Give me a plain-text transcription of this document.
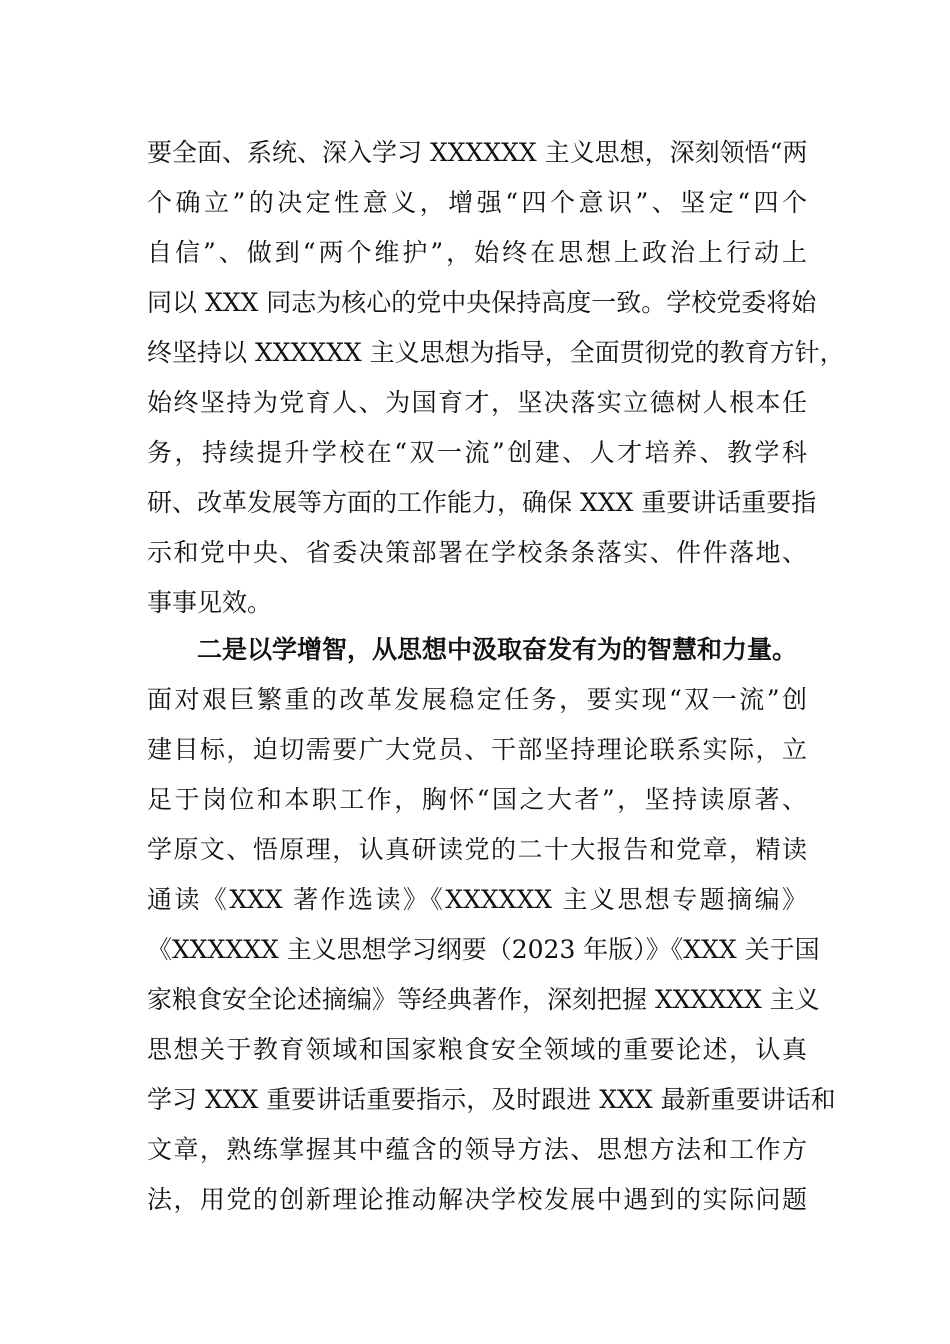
要全面、系统、深入学习 XXXXXX 主义思想，深刻领悟“两
个确立”的决定性意义，增强“四个意识”、坚定“四个
自信”、做到“两个维护”，始终在思想上政治上行动上
同以 XXX 同志为核心的党中央保持高度一致。学校党委将始
终坚持以 XXXXXX 主义思想为指导，全面贯彻党的教育方针，
始终坚持为党育人、为国育才，坚决落实立德树人根本任
务，持续提升学校在“双一流”创建、人才培养、教学科
研、改革发展等方面的工作能力，确保 XXX 重要讲话重要指
示和党中央、省委决策部署在学校条条落实、件件落地、
事事见效。
二是以学增智，从思想中汲取奋发有为的智慧和力量。
面对艰巨繁重的改革发展稳定任务，要实现“双一流”创
建目标，迫切需要广大党员、干部坚持理论联系实际，立
足于岗位和本职工作，胸怀“国之大者”，坚持读原著、
学原文、悟原理，认真研读党的二十大报告和党章，精读
通读《XXX 著作选读》《XXXXXX 主义思想专题摘编》
《XXXXXX 主义思想学习纲要（2023 年版）》《XXX 关于国
家粮食安全论述摘编》等经典著作，深刻把握 XXXXXX 主义
思想关于教育领域和国家粮食安全领域的重要论述，认真
学习 XXX 重要讲话重要指示，及时跟进 XXX 最新重要讲话和
文章，熟练掌握其中蕴含的领导方法、思想方法和工作方
法，用党的创新理论推动解决学校发展中遇到的实际问题
